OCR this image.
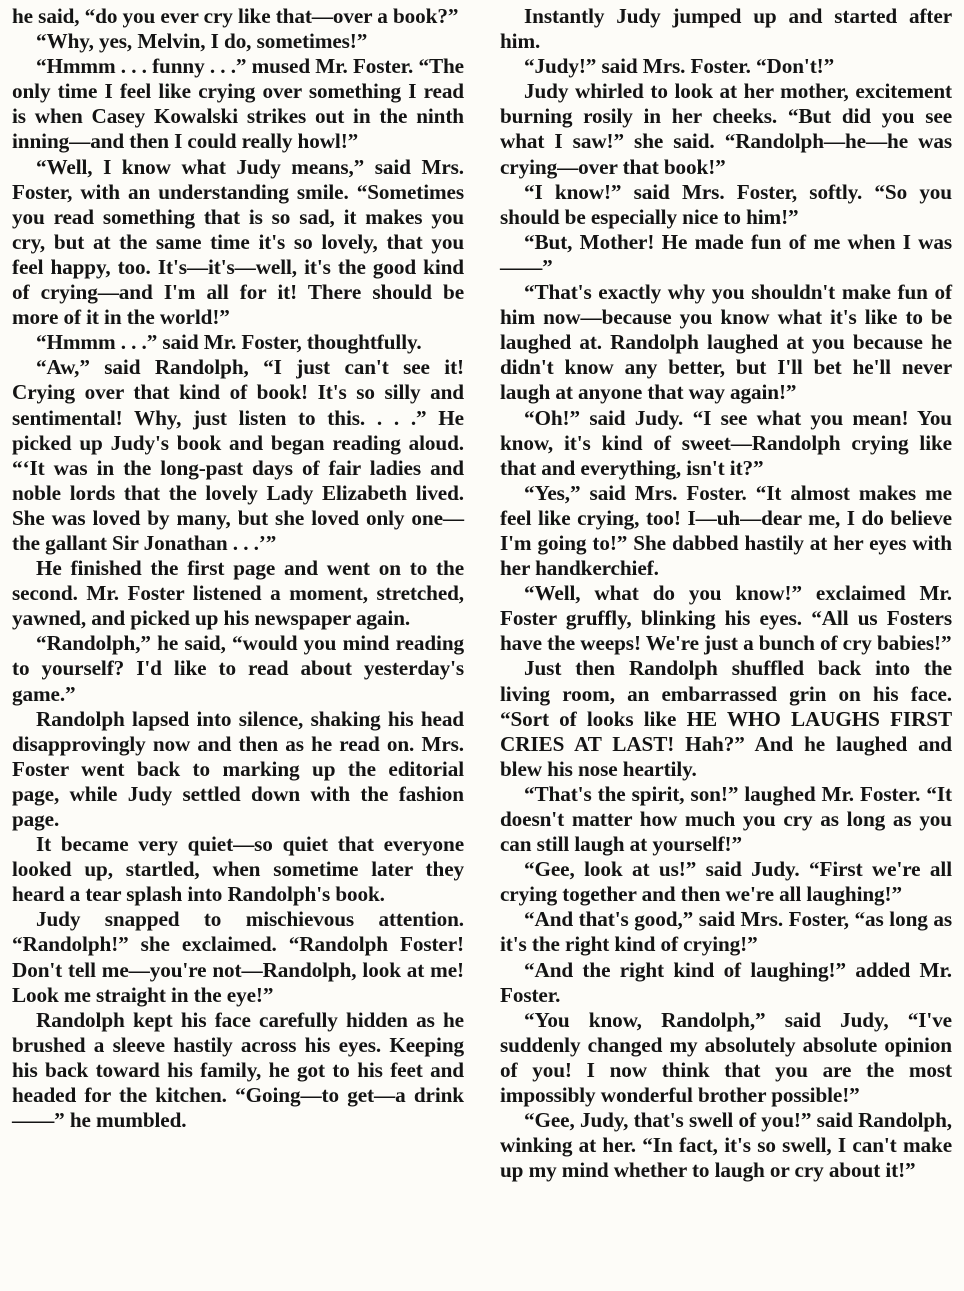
he said, “do you ever cry like that—over a book?”

“Why, yes, Melvin, I do, sometimes!”

“Hmmm . . . funny . . .” mused Mr. Foster. “The only time I feel like crying over something I read is when Casey Kowalski strikes out in the ninth inning—and then I could really howl!”

“Well, I know what Judy means,” said Mrs. Foster, with an understanding smile. “Sometimes you read something that is so sad, it makes you cry, but at the same time it's so lovely, that you feel happy, too. It's—it's—well, it's the good kind of crying—and I'm all for it! There should be more of it in the world!”

“Hmmm . . .” said Mr. Foster, thoughtfully.

“Aw,” said Randolph, “I just can't see it! Crying over that kind of book! It's so silly and sentimental! Why, just listen to this. . . .” He picked up Judy's book and began reading aloud. “‘It was in the long-past days of fair ladies and noble lords that the lovely Lady Elizabeth lived. She was loved by many, but she loved only one—the gallant Sir Jonathan . . .’”

He finished the first page and went on to the second. Mr. Foster listened a moment, stretched, yawned, and picked up his newspaper again.

“Randolph,” he said, “would you mind reading to yourself? I'd like to read about yesterday's game.”

Randolph lapsed into silence, shaking his head disapprovingly now and then as he read on. Mrs. Foster went back to marking up the editorial page, while Judy settled down with the fashion page.

It became very quiet—so quiet that everyone looked up, startled, when sometime later they heard a tear splash into Randolph's book.

Judy snapped to mischievous attention. “Randolph!” she exclaimed. “Randolph Foster! Don't tell me—you're not—Randolph, look at me! Look me straight in the eye!”

Randolph kept his face carefully hidden as he brushed a sleeve hastily across his eyes. Keeping his back toward his family, he got to his feet and headed for the kitchen. “Going—to get—a drink——” he mumbled.

Instantly Judy jumped up and started after him.

“Judy!” said Mrs. Foster. “Don't!”

Judy whirled to look at her mother, excitement burning rosily in her cheeks. “But did you see what I saw!” she said. “Randolph—he—he was crying—over that book!”

“I know!” said Mrs. Foster, softly. “So you should be especially nice to him!”

“But, Mother! He made fun of me when I was——”

“That's exactly why you shouldn't make fun of him now—because you know what it's like to be laughed at. Randolph laughed at you because he didn't know any better, but I'll bet he'll never laugh at anyone that way again!”

“Oh!” said Judy. “I see what you mean! You know, it's kind of sweet—Randolph crying like that and everything, isn't it?”

“Yes,” said Mrs. Foster. “It almost makes me feel like crying, too! I—uh—dear me, I do believe I'm going to!” She dabbed hastily at her eyes with her handkerchief.

“Well, what do you know!” exclaimed Mr. Foster gruffly, blinking his eyes. “All us Fosters have the weeps! We're just a bunch of cry babies!”

Just then Randolph shuffled back into the living room, an embarrassed grin on his face. “Sort of looks like HE WHO LAUGHS FIRST CRIES AT LAST! Hah?” And he laughed and blew his nose heartily.

“That's the spirit, son!” laughed Mr. Foster. “It doesn't matter how much you cry as long as you can still laugh at yourself!”

“Gee, look at us!” said Judy. “First we're all crying together and then we're all laughing!”

“And that's good,” said Mrs. Foster, “as long as it's the right kind of crying!”

“And the right kind of laughing!” added Mr. Foster.

“You know, Randolph,” said Judy, “I've suddenly changed my absolutely absolute opinion of you! I now think that you are the most impossibly wonderful brother possible!”

“Gee, Judy, that's swell of you!” said Randolph, winking at her. “In fact, it's so swell, I can't make up my mind whether to laugh or cry about it!”
